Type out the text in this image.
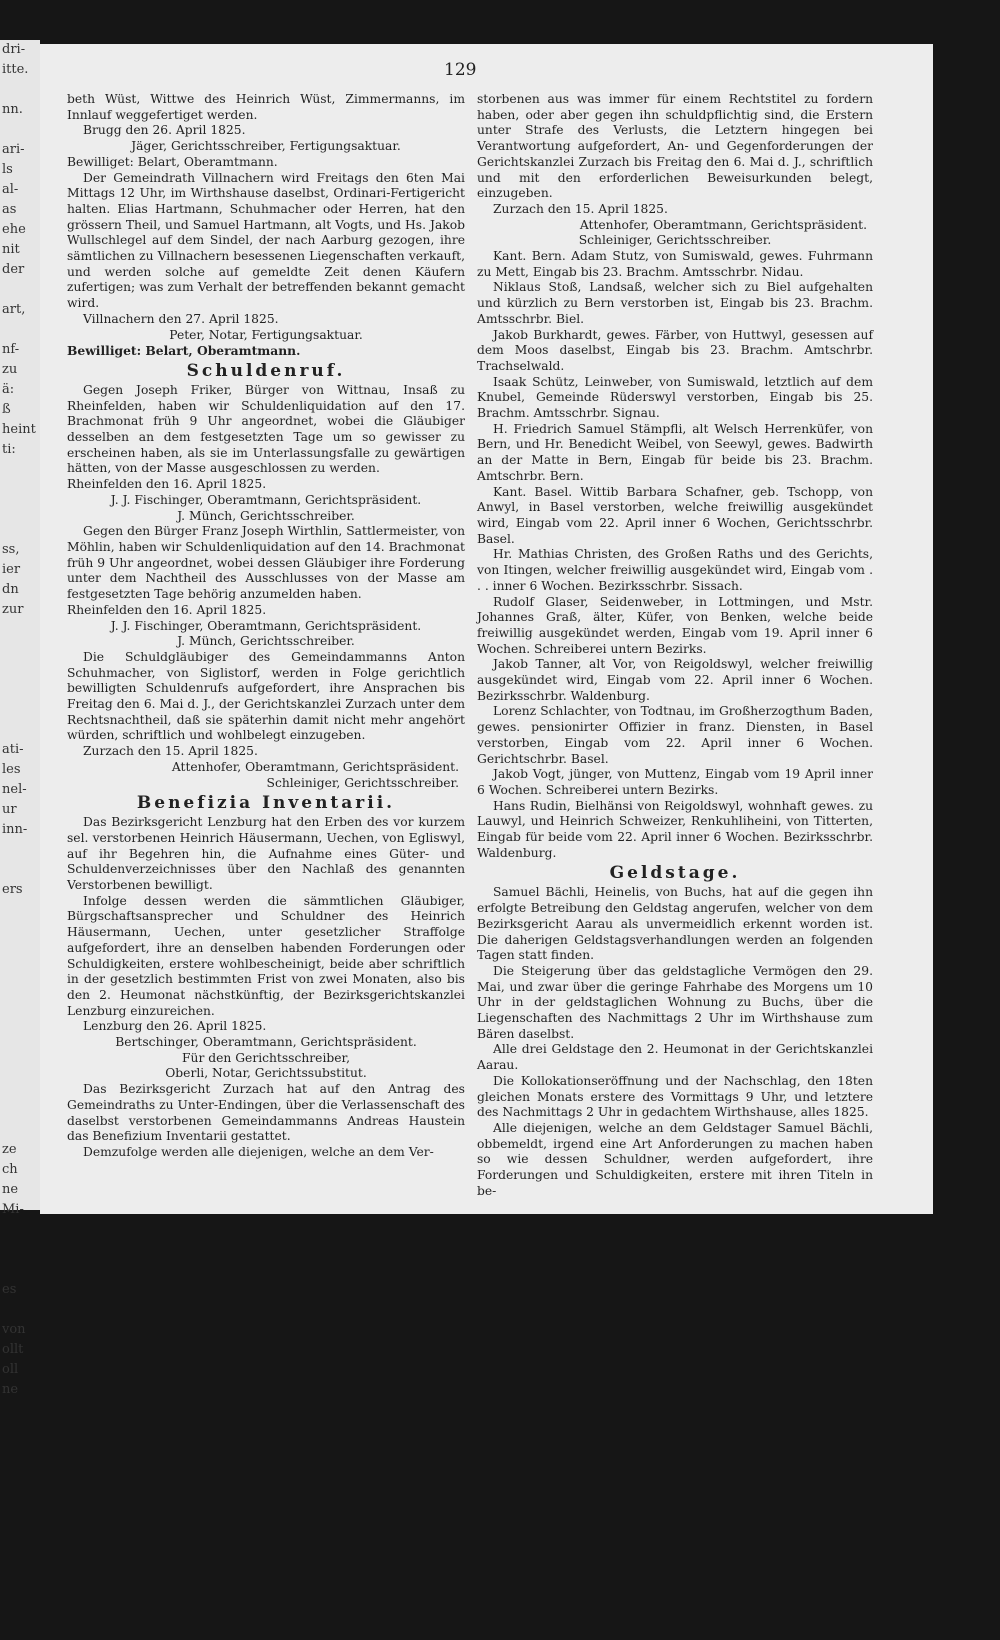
dri-
itte.
nn.
ari-
ls
al-
as
ehe
nit
der
art,
nf-
zu
ä:
ß
heint
ti:
ss,
ier
dn
zur
ati-
les
nel-
ur
inn-
ers
ze
ch
ne
Mi-
es
von
ollt
oll
ne
129

beth Wüst, Wittwe des Heinrich Wüst, Zimmermanns, im Innlauf weggefertiget werden.

Brugg den 26. April 1825.

Jäger, Gerichtsschreiber, Fertigungsaktuar.

Bewilliget: Belart, Oberamtmann.

Der Gemeindrath Villnachern wird Freitags den 6ten Mai Mittags 12 Uhr, im Wirthshause daselbst, Ordinari-Fertigericht halten. Elias Hartmann, Schuhmacher oder Herren, hat den grössern Theil, und Samuel Hartmann, alt Vogts, und Hs. Jakob Wullschlegel auf dem Sindel, der nach Aarburg gezogen, ihre sämtlichen zu Villnachern besessenen Liegenschaften verkauft, und werden solche auf gemeldte Zeit denen Käufern zufertigen; was zum Verhalt der betreffenden bekannt gemacht wird.

Villnachern den 27. April 1825.

Peter, Notar, Fertigungsaktuar.

Bewilliget: Belart, Oberamtmann.

Schuldenruf.

Gegen Joseph Friker, Bürger von Wittnau, Insaß zu Rheinfelden, haben wir Schuldenliquidation auf den 17. Brachmonat früh 9 Uhr angeordnet, wobei die Gläubiger desselben an dem festgesetzten Tage um so gewisser zu erscheinen haben, als sie im Unterlassungsfalle zu gewärtigen hätten, von der Masse ausgeschlossen zu werden.

Rheinfelden den 16. April 1825.

J. J. Fischinger, Oberamtmann, Gerichtspräsident.

J. Münch, Gerichtsschreiber.

Gegen den Bürger Franz Joseph Wirthlin, Sattlermeister, von Möhlin, haben wir Schuldenliquidation auf den 14. Brachmonat früh 9 Uhr angeordnet, wobei dessen Gläubiger ihre Forderung unter dem Nachtheil des Ausschlusses von der Masse am festgesetzten Tage behörig anzumelden haben.

Rheinfelden den 16. April 1825.

J. J. Fischinger, Oberamtmann, Gerichtspräsident.

J. Münch, Gerichtsschreiber.

Die Schuldgläubiger des Gemeindammanns Anton Schuhmacher, von Siglistorf, werden in Folge gerichtlich bewilligten Schuldenrufs aufgefordert, ihre Ansprachen bis Freitag den 6. Mai d. J., der Gerichtskanzlei Zurzach unter dem Rechtsnachtheil, daß sie späterhin damit nicht mehr angehört würden, schriftlich und wohlbelegt einzugeben.

Zurzach den 15. April 1825.

Attenhofer, Oberamtmann, Gerichtspräsident.

Schleiniger, Gerichtsschreiber.

Benefizia Inventarii.

Das Bezirksgericht Lenzburg hat den Erben des vor kurzem sel. verstorbenen Heinrich Häusermann, Uechen, von Egliswyl, auf ihr Begehren hin, die Aufnahme eines Güter- und Schuldenverzeichnisses über den Nachlaß des genannten Verstorbenen bewilligt.

Infolge dessen werden die sämmtlichen Gläubiger, Bürgschaftsansprecher und Schuldner des Heinrich Häusermann, Uechen, unter gesetzlicher Straffolge aufgefordert, ihre an denselben habenden Forderungen oder Schuldigkeiten, erstere wohlbescheinigt, beide aber schriftlich in der gesetzlich bestimmten Frist von zwei Monaten, also bis den 2. Heumonat nächstkünftig, der Bezirksgerichtskanzlei Lenzburg einzureichen.

Lenzburg den 26. April 1825.

Bertschinger, Oberamtmann, Gerichtspräsident.

Für den Gerichtsschreiber,

Oberli, Notar, Gerichtssubstitut.

Das Bezirksgericht Zurzach hat auf den Antrag des Gemeindraths zu Unter-Endingen, über die Verlassenschaft des daselbst verstorbenen Gemeindammanns Andreas Haustein das Benefizium Inventarii gestattet.

Demzufolge werden alle diejenigen, welche an dem Ver-

storbenen aus was immer für einem Rechtstitel zu fordern haben, oder aber gegen ihn schuldpflichtig sind, die Erstern unter Strafe des Verlusts, die Letztern hingegen bei Verantwortung aufgefordert, An- und Gegenforderungen der Gerichtskanzlei Zurzach bis Freitag den 6. Mai d. J., schriftlich und mit den erforderlichen Beweisurkunden belegt, einzugeben.

Zurzach den 15. April 1825.

Attenhofer, Oberamtmann, Gerichtspräsident.

Schleiniger, Gerichtsschreiber.

Kant. Bern. Adam Stutz, von Sumiswald, gewes. Fuhrmann zu Mett, Eingab bis 23. Brachm. Amtsschrbr. Nidau.

Niklaus Stoß, Landsaß, welcher sich zu Biel aufgehalten und kürzlich zu Bern verstorben ist, Eingab bis 23. Brachm. Amtsschrbr. Biel.

Jakob Burkhardt, gewes. Färber, von Huttwyl, gesessen auf dem Moos daselbst, Eingab bis 23. Brachm. Amtschrbr. Trachselwald.

Isaak Schütz, Leinweber, von Sumiswald, letztlich auf dem Knubel, Gemeinde Rüderswyl verstorben, Eingab bis 25. Brachm. Amtsschrbr. Signau.

H. Friedrich Samuel Stämpfli, alt Welsch Herrenküfer, von Bern, und Hr. Benedicht Weibel, von Seewyl, gewes. Badwirth an der Matte in Bern, Eingab für beide bis 23. Brachm. Amtschrbr. Bern.

Kant. Basel. Wittib Barbara Schafner, geb. Tschopp, von Anwyl, in Basel verstorben, welche freiwillig ausgekündet wird, Eingab vom 22. April inner 6 Wochen, Gerichtsschrbr. Basel.

Hr. Mathias Christen, des Großen Raths und des Gerichts, von Itingen, welcher freiwillig ausgekündet wird, Eingab vom . . . inner 6 Wochen. Bezirksschrbr. Sissach.

Rudolf Glaser, Seidenweber, in Lottmingen, und Mstr. Johannes Graß, älter, Küfer, von Benken, welche beide freiwillig ausgekündet werden, Eingab vom 19. April inner 6 Wochen. Schreiberei untern Bezirks.

Jakob Tanner, alt Vor, von Reigoldswyl, welcher freiwillig ausgekündet wird, Eingab vom 22. April inner 6 Wochen. Bezirksschrbr. Waldenburg.

Lorenz Schlachter, von Todtnau, im Großherzogthum Baden, gewes. pensionirter Offizier in franz. Diensten, in Basel verstorben, Eingab vom 22. April inner 6 Wochen. Gerichtschrbr. Basel.

Jakob Vogt, jünger, von Muttenz, Eingab vom 19 April inner 6 Wochen. Schreiberei untern Bezirks.

Hans Rudin, Bielhänsi von Reigoldswyl, wohnhaft gewes. zu Lauwyl, und Heinrich Schweizer, Renkuhliheini, von Titterten, Eingab für beide vom 22. April inner 6 Wochen. Bezirksschrbr. Waldenburg.

Geldstage.

Samuel Bächli, Heinelis, von Buchs, hat auf die gegen ihn erfolgte Betreibung den Geldstag angerufen, welcher von dem Bezirksgericht Aarau als unvermeidlich erkennt worden ist. Die daherigen Geldstagsverhandlungen werden an folgenden Tagen statt finden.

Die Steigerung über das geldstagliche Vermögen den 29. Mai, und zwar über die geringe Fahrhabe des Morgens um 10 Uhr in der geldstaglichen Wohnung zu Buchs, über die Liegenschaften des Nachmittags 2 Uhr im Wirthshause zum Bären daselbst.

Alle drei Geldstage den 2. Heumonat in der Gerichtskanzlei Aarau.

Die Kollokationseröffnung und der Nachschlag, den 18ten gleichen Monats erstere des Vormittags 9 Uhr, und letztere des Nachmittags 2 Uhr in gedachtem Wirthshause, alles 1825.

Alle diejenigen, welche an dem Geldstager Samuel Bächli, obbemeldt, irgend eine Art Anforderungen zu machen haben so wie dessen Schuldner, werden aufgefordert, ihre Forderungen und Schuldigkeiten, erstere mit ihren Titeln in be-
